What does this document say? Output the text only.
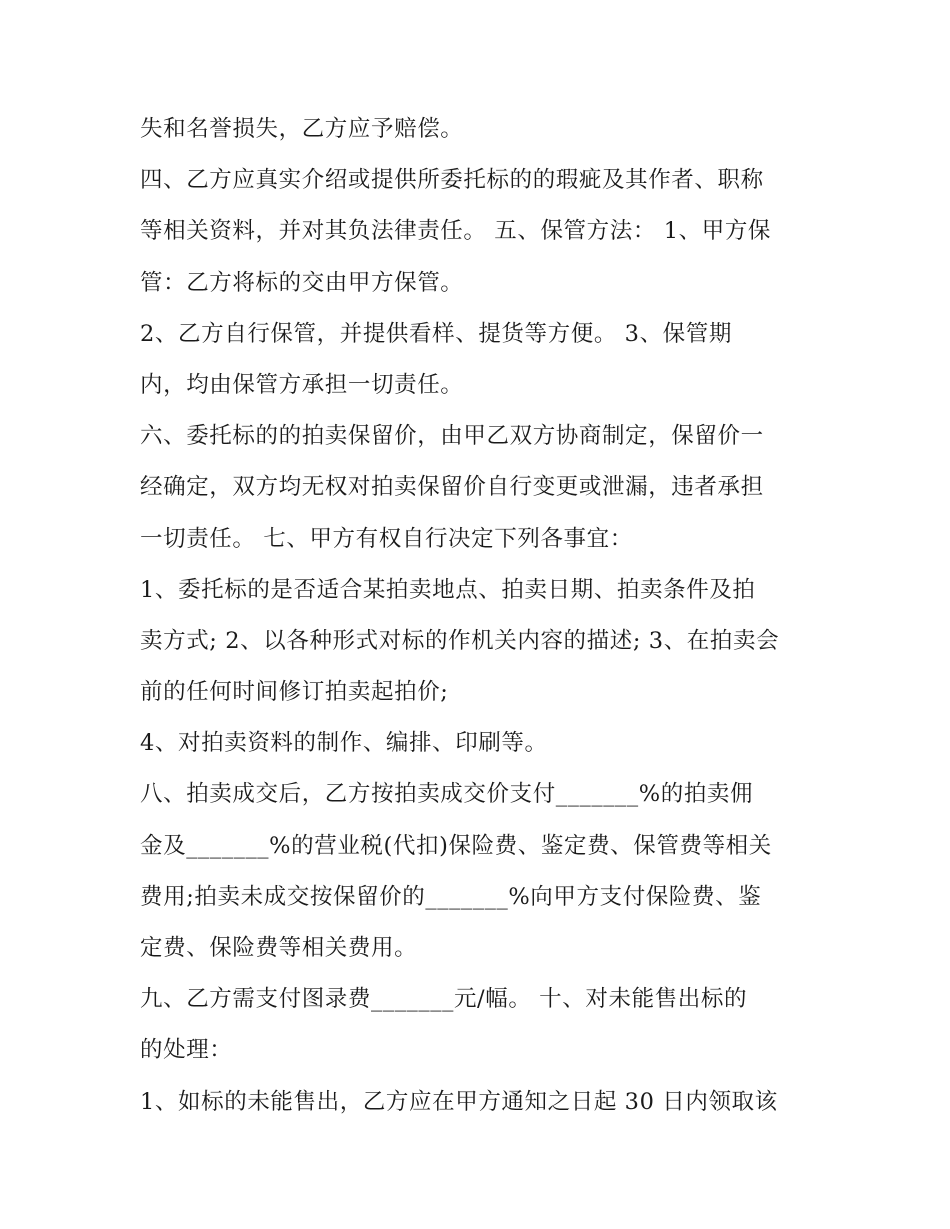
失和名誉损失，乙方应予赔偿。
四、乙方应真实介绍或提供所委托标的的瑕疵及其作者、职称
等相关资料，并对其负法律责任。 五、保管方法： 1、甲方保
管：乙方将标的交由甲方保管。
2、乙方自行保管，并提供看样、提货等方便。 3、保管期
内，均由保管方承担一切责任。
六、委托标的的拍卖保留价，由甲乙双方协商制定，保留价一
经确定，双方均无权对拍卖保留价自行变更或泄漏，违者承担
一切责任。 七、甲方有权自行决定下列各事宜：
1、委托标的是否适合某拍卖地点、拍卖日期、拍卖条件及拍
卖方式; 2、以各种形式对标的作机关内容的描述; 3、在拍卖会
前的任何时间修订拍卖起拍价;
4、对拍卖资料的制作、编排、印刷等。
八、拍卖成交后，乙方按拍卖成交价支付_______%的拍卖佣
金及_______%的营业税(代扣)保险费、鉴定费、保管费等相关
费用;拍卖未成交按保留价的_______%向甲方支付保险费、鉴
定费、保险费等相关费用。
九、乙方需支付图录费_______元/幅。 十、对未能售出标的
的处理：
1、如标的未能售出，乙方应在甲方通知之日起 30 日内领取该
